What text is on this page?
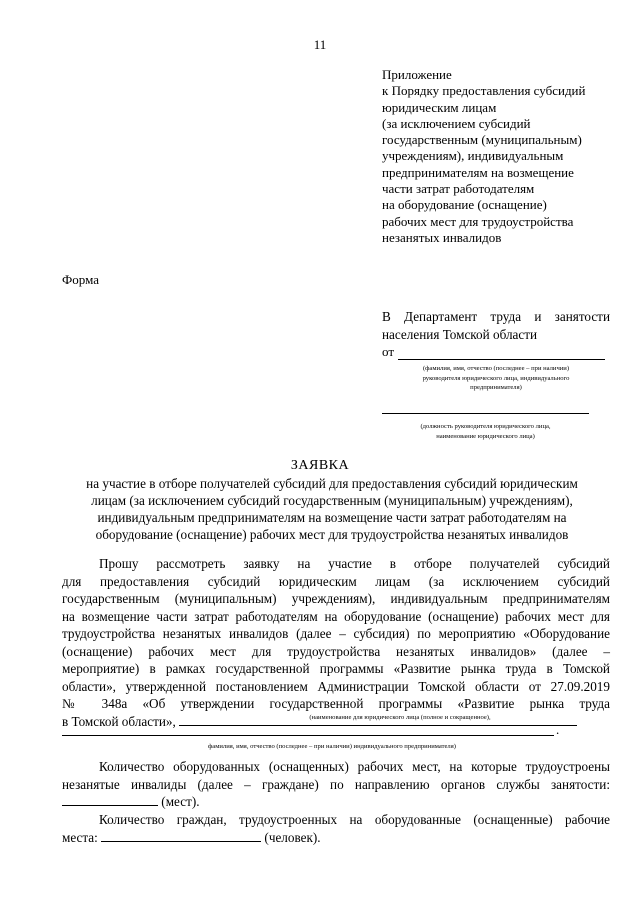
11
Приложение
к Порядку предоставления субсидий
юридическим лицам
(за исключением субсидий
государственным (муниципальным)
учреждениям), индивидуальным
предпринимателям на возмещение
части затрат работодателям
на оборудование (оснащение)
рабочих мест для трудоустройства
незанятых инвалидов
Форма
В Департамент труда и занятости
населения Томской области
от
(фамилия, имя, отчество (последнее – при наличии)
руководителя юридического лица, индивидуального
предпринимателя)
(должность руководителя юридического лица,
наименование юридического лица)
ЗАЯВКА
на участие в отборе получателей субсидий для предоставления субсидий юридическим
лицам (за исключением субсидий государственным (муниципальным) учреждениям),
индивидуальным предпринимателям на возмещение части затрат работодателям на
оборудование (оснащение) рабочих мест для трудоустройства незанятых инвалидов
Прошу рассмотреть заявку на участие в отборе получателей субсидий
для предоставления субсидий юридическим лицам (за исключением субсидий
государственным (муниципальным) учреждениям), индивидуальным предпринимателям
на возмещение части затрат работодателям на оборудование (оснащение) рабочих мест для
трудоустройства незанятых инвалидов (далее – субсидия) по мероприятию «Оборудование
(оснащение) рабочих мест для трудоустройства незанятых инвалидов» (далее –
мероприятие) в рамках государственной программы «Развитие рынка труда в Томской
области», утвержденной постановлением Администрации Томской области от 27.09.2019
№ 348а «Об утверждении государственной программы «Развитие рынка труда
в Томской области»,	(наименование для юридического лица (полное и сокращенное),
.
фамилия, имя, отчество (последнее – при наличии) индивидуального предпринимателя)
Количество оборудованных (оснащенных) рабочих мест, на которые трудоустроены
незанятые инвалиды (далее – граждане) по направлению органов службы занятости:
(мест).
Количество граждан, трудоустроенных на оборудованные (оснащенные) рабочие
места:	(человек).
